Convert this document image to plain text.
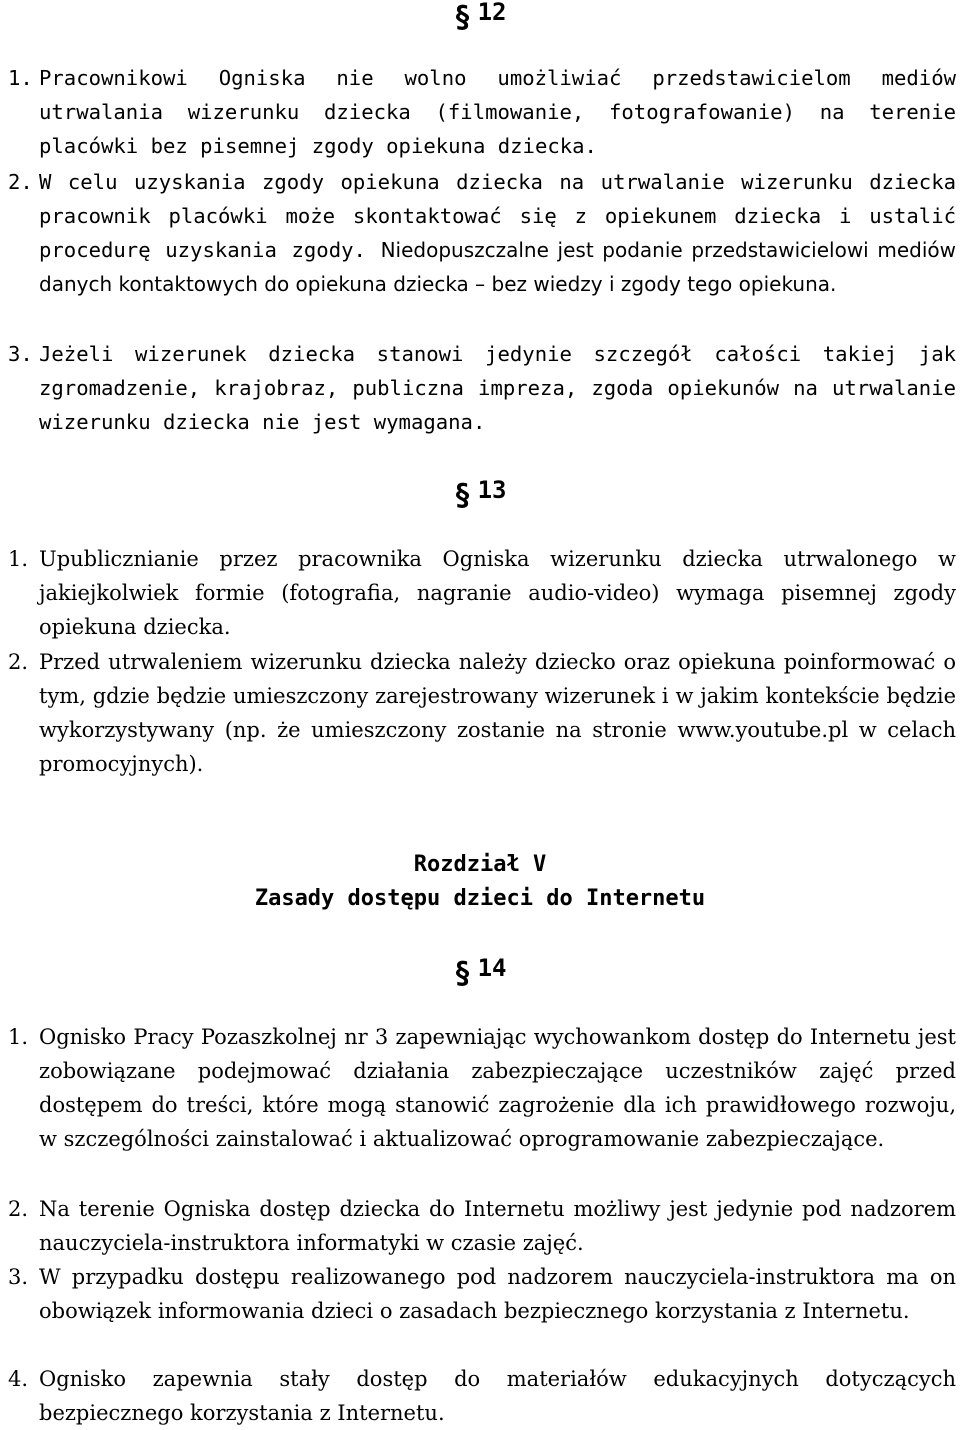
§ 12
1. Pracownikowi Ogniska nie wolno umożliwiać przedstawicielom mediów utrwalania wizerunku dziecka (filmowanie, fotografowanie) na terenie placówki bez pisemnej zgody opiekuna dziecka.
2. W celu uzyskania zgody opiekuna dziecka na utrwalanie wizerunku dziecka pracownik placówki może skontaktować się z opiekunem dziecka i ustalić procedurę uzyskania zgody. Niedopuszczalne jest podanie przedstawicielowi mediów danych kontaktowych do opiekuna dziecka – bez wiedzy i zgody tego opiekuna.
3. Jeżeli wizerunek dziecka stanowi jedynie szczegół całości takiej jak zgromadzenie, krajobraz, publiczna impreza, zgoda opiekunów na utrwalanie wizerunku dziecka nie jest wymagana.
§ 13
1. Upublicznianie przez pracownika Ogniska wizerunku dziecka utrwalonego w jakiejkolwiek formie (fotografia, nagranie audio-video) wymaga pisemnej zgody opiekuna dziecka.
2. Przed utrwaleniem wizerunku dziecka należy dziecko oraz opiekuna poinformować o tym, gdzie będzie umieszczony zarejestrowany wizerunek i w jakim kontekście będzie wykorzystywany (np. że umieszczony zostanie na stronie www.youtube.pl w celach promocyjnych).
Rozdział V
Zasady dostępu dzieci do Internetu
§ 14
1. Ognisko Pracy Pozaszkolnej nr 3 zapewniając wychowankom dostęp do Internetu jest zobowiązane podejmować działania zabezpieczające uczestników zajęć przed dostępem do treści, które mogą stanowić zagrożenie dla ich prawidłowego rozwoju, w szczególności zainstalować i aktualizować oprogramowanie zabezpieczające.
2. Na terenie Ogniska dostęp dziecka do Internetu możliwy jest jedynie pod nadzorem nauczyciela-instruktora informatyki w czasie zajęć.
3. W przypadku dostępu realizowanego pod nadzorem nauczyciela-instruktora ma on obowiązek informowania dzieci o zasadach bezpiecznego korzystania z Internetu.
4. Ognisko zapewnia stały dostęp do materiałów edukacyjnych dotyczących bezpiecznego korzystania z Internetu.
